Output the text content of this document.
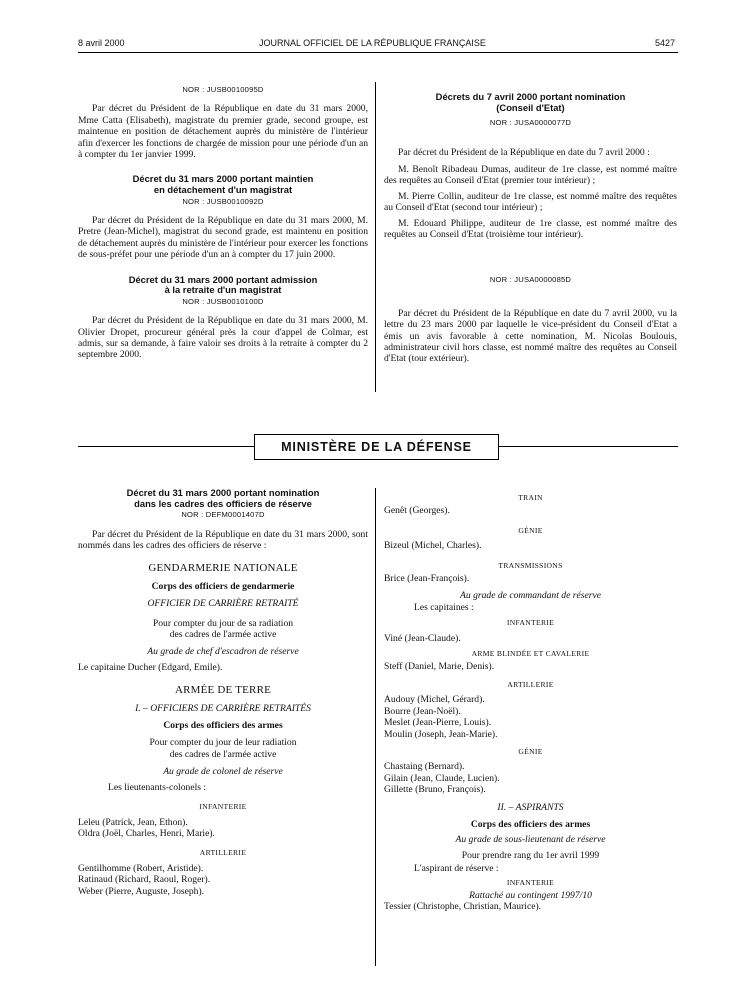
8 avril 2000	JOURNAL OFFICIEL DE LA RÉPUBLIQUE FRANÇAISE	5427
NOR : JUSB0010095D

Par décret du Président de la République en date du 31 mars 2000, Mme Catta (Elisabeth), magistrate du premier grade, second groupe, est maintenue en position de détachement auprès du ministère de l'intérieur afin d'exercer les fonctions de chargée de mission pour une période d'un an à compter du 1er janvier 1999.

Décret du 31 mars 2000 portant maintien
en détachement d'un magistrat
NOR : JUSB0010092D

Par décret du Président de la République en date du 31 mars 2000, M. Pretre (Jean-Michel), magistrat du second grade, est maintenu en position de détachement auprès du ministère de l'intérieur pour exercer les fonctions de sous-préfet pour une période d'un an à compter du 17 juin 2000.

Décret du 31 mars 2000 portant admission
à la retraite d'un magistrat
NOR : JUSB0010100D

Par décret du Président de la République en date du 31 mars 2000, M. Olivier Dropet, procureur général près la cour d'appel de Colmar, est admis, sur sa demande, à faire valoir ses droits à la retraite à compter du 2 septembre 2000.

Décrets du 7 avril 2000 portant nomination
(Conseil d'Etat)
NOR : JUSA0000077D

Par décret du Président de la République en date du 7 avril 2000 :

M. Benoît Ribadeau Dumas, auditeur de 1re classe, est nommé maître des requêtes au Conseil d'Etat (premier tour intérieur) ;

M. Pierre Collin, auditeur de 1re classe, est nommé maître des requêtes au Conseil d'Etat (second tour intérieur) ;

M. Edouard Philippe, auditeur de 1re classe, est nommé maître des requêtes au Conseil d'Etat (troisième tour intérieur).

NOR : JUSA0000085D

Par décret du Président de la République en date du 7 avril 2000, vu la lettre du 23 mars 2000 par laquelle le vice-président du Conseil d'Etat a émis un avis favorable à cette nomination, M. Nicolas Boulouis, administrateur civil hors classe, est nommé maître des requêtes au Conseil d'Etat (tour extérieur).

MINISTÈRE DE LA DÉFENSE
Décret du 31 mars 2000 portant nomination
dans les cadres des officiers de réserve
NOR : DEFM0001407D

Par décret du Président de la République en date du 31 mars 2000, sont nommés dans les cadres des officiers de réserve :

GENDARMERIE NATIONALE
Corps des officiers de gendarmerie
OFFICIER DE CARRIÈRE RETRAITÉ
Pour compter du jour de sa radiation
des cadres de l'armée active
Au grade de chef d'escadron de réserve
Le capitaine Ducher (Edgard, Emile).
ARMÉE DE TERRE
I. – OFFICIERS DE CARRIÈRE RETRAITÉS
Corps des officiers des armes
Pour compter du jour de leur radiation
des cadres de l'armée active
Au grade de colonel de réserve
Les lieutenants-colonels :
INFANTERIE
Leleu (Patrick, Jean, Ethon).
Oldra (Joël, Charles, Henri, Marie).
ARTILLERIE
Gentilhomme (Robert, Aristide).
Ratinaud (Richard, Raoul, Roger).
Weber (Pierre, Auguste, Joseph).
TRAIN
Genêt (Georges).
GÉNIE
Bizeul (Michel, Charles).
TRANSMISSIONS
Brice (Jean-François).
Au grade de commandant de réserve
Les capitaines :
INFANTERIE
Viné (Jean-Claude).
ARME BLINDÉE ET CAVALERIE
Steff (Daniel, Marie, Denis).
ARTILLERIE
Audouy (Michel, Gérard).
Bourre (Jean-Noël).
Meslet (Jean-Pierre, Louis).
Moulin (Joseph, Jean-Marie).
GÉNIE
Chastaing (Bernard).
Gilain (Jean, Claude, Lucien).
Gillette (Bruno, François).
II. – ASPIRANTS
Corps des officiers des armes
Au grade de sous-lieutenant de réserve
Pour prendre rang du 1er avril 1999
L'aspirant de réserve :
INFANTERIE
Rattaché au contingent 1997/10
Tessier (Christophe, Christian, Maurice).
